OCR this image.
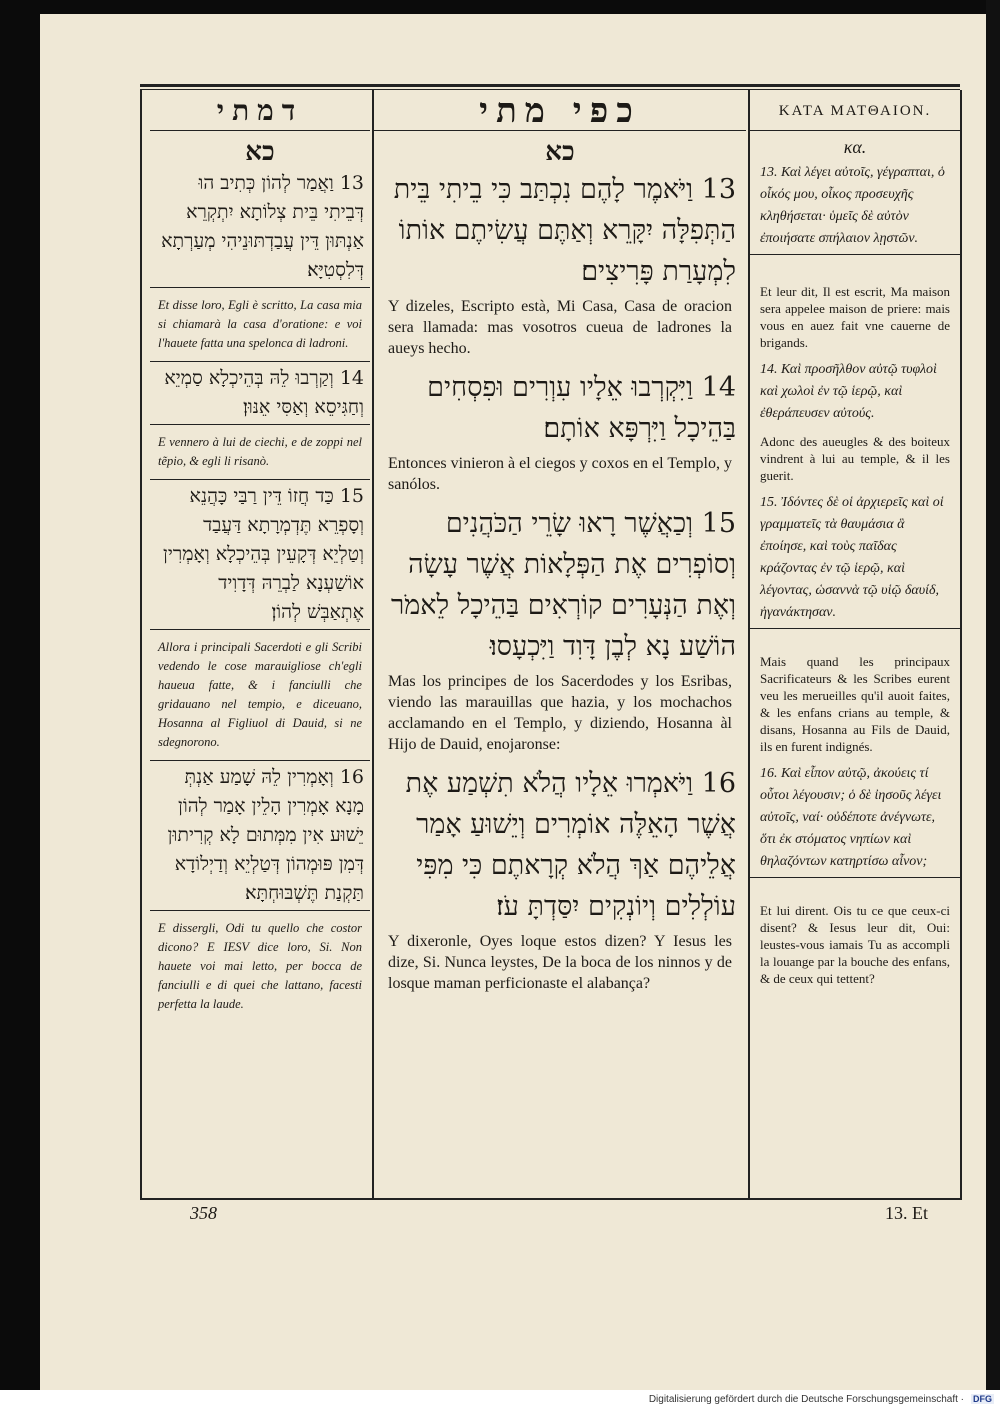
דמתי
כא
13 וַאֲמַר לְהוֹן כְּתִיב הוּ דְּבֵיתִי בֵּית צְלוֹתָא יִתְקְרֵא אַנְתּוּן דֵּין עֲבַדְתּוּנֵיהִי מְעַרְתָא דְּלִסְטִיָּא׃
Et disse loro, Egli è scritto, La casa mia si chiamarà la casa d'oratione: e voi l'hauete fatta una spelonca di ladroni.
14 וְקַרְבוּ לֵהּ בְּהֵיכְלָא סַמְיֵא וְחַגִּיסֵא וְאַסִּי אֵנּוּן׃
E vennero à lui de ciechi, e de zoppi nel tẽpio, & egli li risanò.
15 כַּד חֲזוֹ דֵּין רַבַּי כָּהֲנֵא וְסָפְרֵא תֶּדְמְרָתָא דַּעֲבַד וְטַלְיֵא דְּקָעֵין בְּהֵיכְלָא וְאָמְרִין אוֹשַׁעְנָא לַבְרֵהּ דְּדָוִיד אֶתְאַבְּשׁ לְהוֹן׃
Allora i principali Sacerdoti e gli Scribi vedendo le cose marauigliose ch'egli haueua fatte, & i fanciulli che gridauano nel tempio, e diceuano, Hosanna al Figliuol di Dauid, si ne sdegnorono.
16 וְאָמְרִין לֵהּ שָׁמַע אַנְתְּ מָנָא אָמְרִין הָלֵין אָמַר לְהוֹן יֵשׁוּע אִין מִמְּתוּם לָא קְרִיתוּן דְּמִן פּוּמְהוֹן דְּטַלְיֵא וְדַיְלוֹדָא תַּקְנַת תֶּשְׁבּוּחְתָּא׃
E dissergli, Odi tu quello che costor dicono? E IESV dice loro, Si. Non hauete voi mai letto, per bocca de fanciulli e di quei che lattano, facesti perfetta la laude.
כפי מתי
כא
13 וַיֹּאמֶר לָהֶם נִכְתַּב כִּי בֵיתִי בֵּית הַתְּפִלָּה יִקָּרֵא וְאַתֶּם עֲשִׂיתֶם אוֹתוֹ לִמְעָרַת פָּרִיצִים׃
Y dizeles, Escripto està, Mi Casa, Casa de oracion sera llamada: mas vosotros cueua de ladrones la aueys hecho.
14 וַיִּקְרְבוּ אֵלָיו עִוְרִים וּפִסְחִים בַּהֵיכָל וַיִּרְפָּא אוֹתָם׃
Entonces vinieron à el ciegos y coxos en el Templo, y sanólos.
15 וְכַאֲשֶׁר רָאוּ שָׂרֵי הַכֹּהֲנִים וְסוֹפְרִים אֶת הַפְּלָאוֹת אֲשֶׁר עָשָׂה וְאֶת הַנְּעָרִים קוֹרְאִים בַּהֵיכָל לֵאמֹר הוֹשַׁע נָא לְבֶן דָּוִד וַיִּכְעָסוּ׃
Mas los principes de los Sacerdodes y los Esribas, viendo las marauillas que hazia, y los mochachos acclamando en el Templo, y diziendo, Hosanna àl Hijo de Dauid, enojaronse:
16 וַיֹּאמְרוּ אֵלָיו הֲלֹא תִשְׁמַע אֶת אֲשֶׁר הָאֵלֶּה אוֹמְרִים וְיֵשׁוּעַ אָמַר אֲלֵיהֶם אַךְ הֲלֹא קְרָאתֶם כִּי מִפִּי עוֹלְלִים וְיוֹנְקִים יִסַּדְתָּ עֹז׃
Y dixeronle, Oyes loque estos dizen? Y Iesus les dize, Si. Nunca leystes, De la boca de los ninnos y de losque maman perficionaste el alabança?
ΚΑΤΑ ΜΑΤΘΑΙΟΝ.
κα.
13. Καὶ λέγει αὐτοῖς, γέγραπται, ὁ οἶκός μου, οἶκος προσευχῆς κληθήσεται· ὑμεῖς δὲ αὐτὸν ἐποιήσατε σπήλαιον λῃστῶν.
Et leur dit, Il est escrit, Ma maison sera appelee maison de priere: mais vous en auez fait vne cauerne de brigands.
14. Καὶ προσῆλθον αὐτῷ τυφλοὶ καὶ χωλοὶ ἐν τῷ ἱερῷ, καὶ ἐθεράπευσεν αὐτούς.
Adonc des aueugles & des boiteux vindrent à lui au temple, & il les guerit.
15. Ἰδόντες δὲ οἱ ἀρχιερεῖς καὶ οἱ γραμματεῖς τὰ θαυμάσια ἃ ἐποίησε, καὶ τοὺς παῖδας κράζοντας ἐν τῷ ἱερῷ, καὶ λέγοντας, ὡσαννὰ τῷ υἱῷ δαυίδ, ἠγανάκτησαν.
Mais quand les principaux Sacrificateurs & les Scribes eurent veu les merueilles qu'il auoit faites, & les enfans crians au temple, & disans, Hosanna au Fils de Dauid, ils en furent indignés.
16. Καὶ εἶπον αὐτῷ, ἀκούεις τί οὗτοι λέγουσιν; ὁ δὲ ἰησοῦς λέγει αὐτοῖς, ναί· οὐδέποτε ἀνέγνωτε, ὅτι ἐκ στόματος νηπίων καὶ θηλαζόντων κατηρτίσω αἶνον;
Et lui dirent. Ois tu ce que ceux-ci disent? & Iesus leur dit, Oui: leustes-vous iamais Tu as accompli la louange par la bouche des enfans, & de ceux qui tettent?
358	13. Et
Digitalisierung gefördert durch die Deutsche Forschungsgemeinschaft · DFG
